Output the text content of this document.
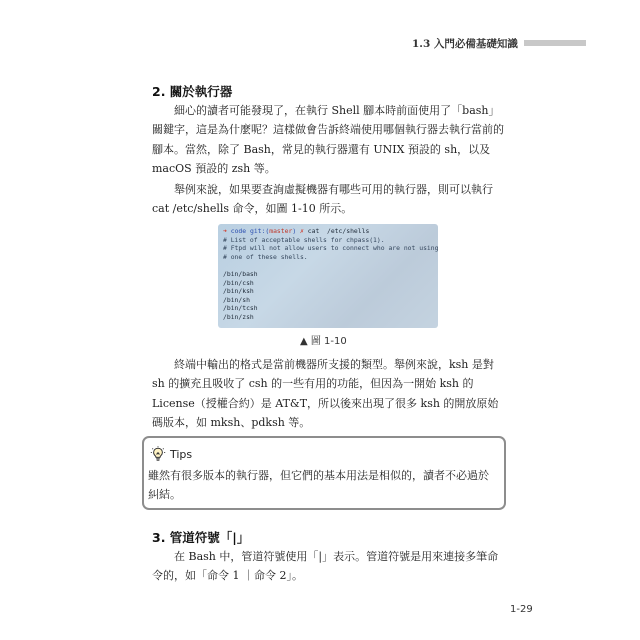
1.3 入門必備基礎知識
2. 關於執行器

細心的讀者可能發現了，在執行 Shell 腳本時前面使用了「bash」關鍵字，這是為什麼呢？這樣做會告訴終端使用哪個執行器去執行當前的腳本。當然，除了 Bash，常見的執行器還有 UNIX 預設的 sh，以及 macOS 預設的 zsh 等。

舉例來說，如果要查詢虛擬機器有哪些可用的執行器，則可以執行 cat /etc/shells 命令，如圖 1-10 所示。

➜ code git:(master) ✗ cat  /etc/shells
# List of acceptable shells for chpass(1).
# Ftpd will not allow users to connect who are not using
# one of these shells.
/bin/bash
/bin/csh
/bin/ksh
/bin/sh
/bin/tcsh
/bin/zsh
▲ 圖 1-10

終端中輸出的格式是當前機器所支援的類型。舉例來說，ksh 是對 sh 的擴充且吸收了 csh 的一些有用的功能，但因為一開始 ksh 的 License（授權合約）是 AT&T，所以後來出現了很多 ksh 的開放原始碼版本，如 mksh、pdksh 等。

Tips
雖然有很多版本的執行器，但它們的基本用法是相似的，讀者不必過於糾結。
3. 管道符號「|」

在 Bash 中，管道符號使用「|」表示。管道符號是用來連接多筆命令的，如「命令 1 ｜命令 2」。

1-29
